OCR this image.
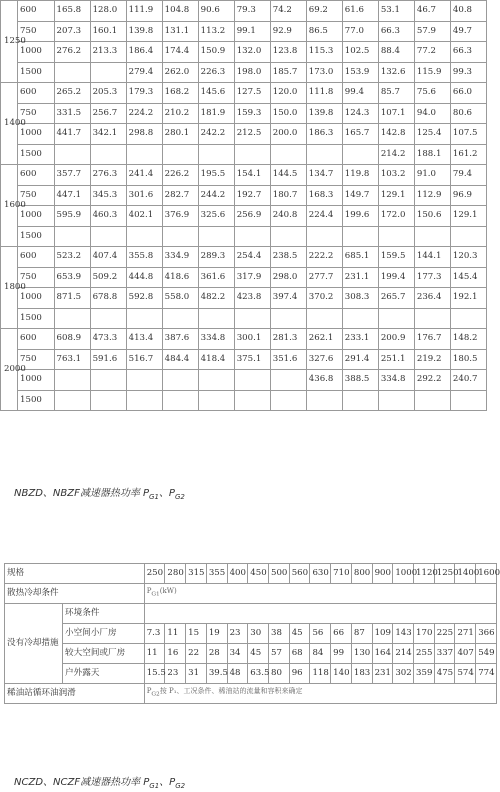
1250	600	165.8	128.0	111.9	104.8	90.6	79.3	74.2	69.2	61.6	53.1	46.7	40.8
	750	207.3	160.1	139.8	131.1	113.2	99.1	92.9	86.5	77.0	66.3	57.9	49.7
	1000	276.2	213.3	186.4	174.4	150.9	132.0	123.8	115.3	102.5	88.4	77.2	66.3
	1500			279.4	262.0	226.3	198.0	185.7	173.0	153.9	132.6	115.9	99.3
1400	600	265.2	205.3	179.3	168.2	145.6	127.5	120.0	111.8	99.4	85.7	75.6	66.0
	750	331.5	256.7	224.2	210.2	181.9	159.3	150.0	139.8	124.3	107.1	94.0	80.6
	1000	441.7	342.1	298.8	280.1	242.2	212.5	200.0	186.3	165.7	142.8	125.4	107.5
	1500										214.2	188.1	161.2
1600	600	357.7	276.3	241.4	226.2	195.5	154.1	144.5	134.7	119.8	103.2	91.0	79.4
	750	447.1	345.3	301.6	282.7	244.2	192.7	180.7	168.3	149.7	129.1	112.9	96.9
	1000	595.9	460.3	402.1	376.9	325.6	256.9	240.8	224.4	199.6	172.0	150.6	129.1
	1500												
1800	600	523.2	407.4	355.8	334.9	289.3	254.4	238.5	222.2	685.1	159.5	144.1	120.3
	750	653.9	509.2	444.8	418.6	361.6	317.9	298.0	277.7	231.1	199.4	177.3	145.4
	1000	871.5	678.8	592.8	558.0	482.2	423.8	397.4	370.2	308.3	265.7	236.4	192.1
	1500												
2000	600	608.9	473.3	413.4	387.6	334.8	300.1	281.3	262.1	233.1	200.9	176.7	148.2
	750	763.1	591.6	516.7	484.4	418.4	375.1	351.6	327.6	291.4	251.1	219.2	180.5
	1000								436.8	388.5	334.8	292.2	240.7
	1500												

NBZD、NBZF减速器热功率 $P_{G1}$、$P_{G2}$

规格		250	280	315	355	400	450	500	560	630	710	800	900	1000	1120	1250	1400	1600
散热冷却条件		$P_{G1}(kW)$																
没有冷却措施	环境条件																	
	小空间小厂房	7.3	11	15	19	23	30	38	45	56	66	87	109	143	170	225	271	366
	较大空间或厂房	11	16	22	28	34	45	57	68	84	99	130	164	214	255	337	407	549
	户外露天	15.5	23	31	39.5	48	63.5	80	96	118	140	183	231	302	359	475	574	774
稀油站循环油润滑		$P_{G2}$按 P₁、工况条件、稀油站的流量和容积来确定																

NCZD、NCZF减速器热功率 $P_{G1}$、$P_{G2}$
